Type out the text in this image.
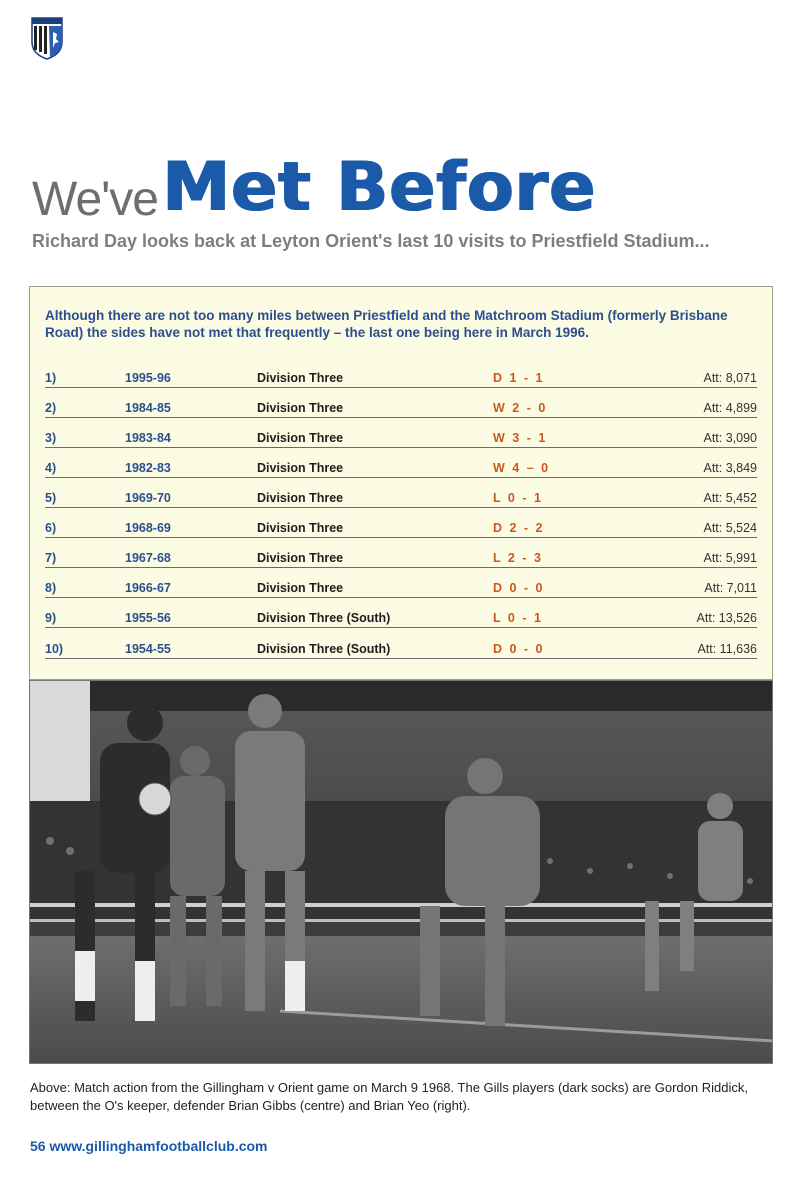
We've Met Before
Richard Day looks back at Leyton Orient's last 10 visits to Priestfield Stadium...
Although there are not too many miles between Priestfield and the Matchroom Stadium (formerly Brisbane Road) the sides have not met that frequently – the last one being here in March 1996.
1)	1995-96	Division Three	D 1 - 1	Att: 8,071
2)	1984-85	Division Three	W 2 - 0	Att: 4,899
3)	1983-84	Division Three	W 3 - 1	Att: 3,090
4)	1982-83	Division Three	W 4 – 0	Att: 3,849
5)	1969-70	Division Three	L 0 - 1	Att: 5,452
6)	1968-69	Division Three	D 2 - 2	Att: 5,524
7)	1967-68	Division Three	L 2 - 3	Att: 5,991
8)	1966-67	Division Three	D 0 - 0	Att: 7,011
9)	1955-56	Division Three (South)	L 0 - 1	Att: 13,526
10)	1954-55	Division Three (South)	D 0 - 0	Att: 11,636
Above: Match action from the Gillingham v Orient game on March 9 1968. The Gills players (dark socks) are Gordon Riddick, between the O's keeper, defender Brian Gibbs (centre) and Brian Yeo (right).
56 www.gillinghamfootballclub.com
